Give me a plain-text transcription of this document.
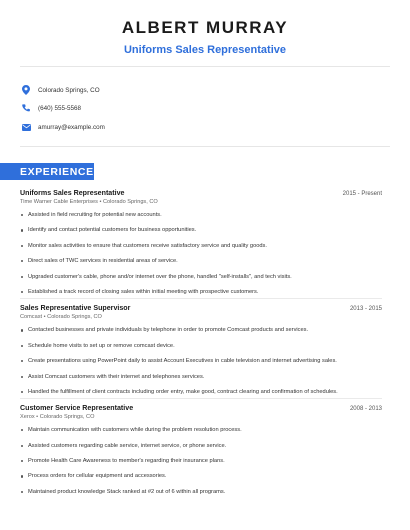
ALBERT MURRAY
Uniforms Sales Representative
Colorado Springs, CO
(640) 555-5568
amurray@example.com
EXPERIENCE
Uniforms Sales Representative	2015 - Present
Time Warner Cable Enterprises • Colorado Springs, CO
Assisted in field recruiting for potential new accounts.
Identify and contact potential customers for business opportunities.
Monitor sales activities to ensure that customers receive satisfactory service and quality goods.
Direct sales of TWC services in residential areas of service.
Upgraded customer's cable, phone and/or internet over the phone, handled "self-installs", and tech visits.
Established a track record of closing sales within initial meeting with prospective customers.
Sales Representative Supervisor	2013 - 2015
Comcast • Colorado Springs, CO
Contacted businesses and private individuals by telephone in order to promote Comcast products and services.
Schedule home visits to set up or remove comcast device.
Create presentations using PowerPoint daily to assist Account Executives in cable television and internet advertising sales.
Assist Comcast customers with their internet and telephones services.
Handled the fulfillment of client contracts including order entry, make good, contract clearing and confirmation of schedules.
Customer Service Representative	2008 - 2013
Xerox • Colorado Springs, CO
Maintain communication with customers while during the problem resolution process.
Assisted customers regarding cable service, internet service, or phone service.
Promote Health Care Awareness to member's regarding their insurance plans.
Process orders for cellular equipment and accessories.
Maintained product knowledge Stack ranked at #2 out of 6 within all programs.
